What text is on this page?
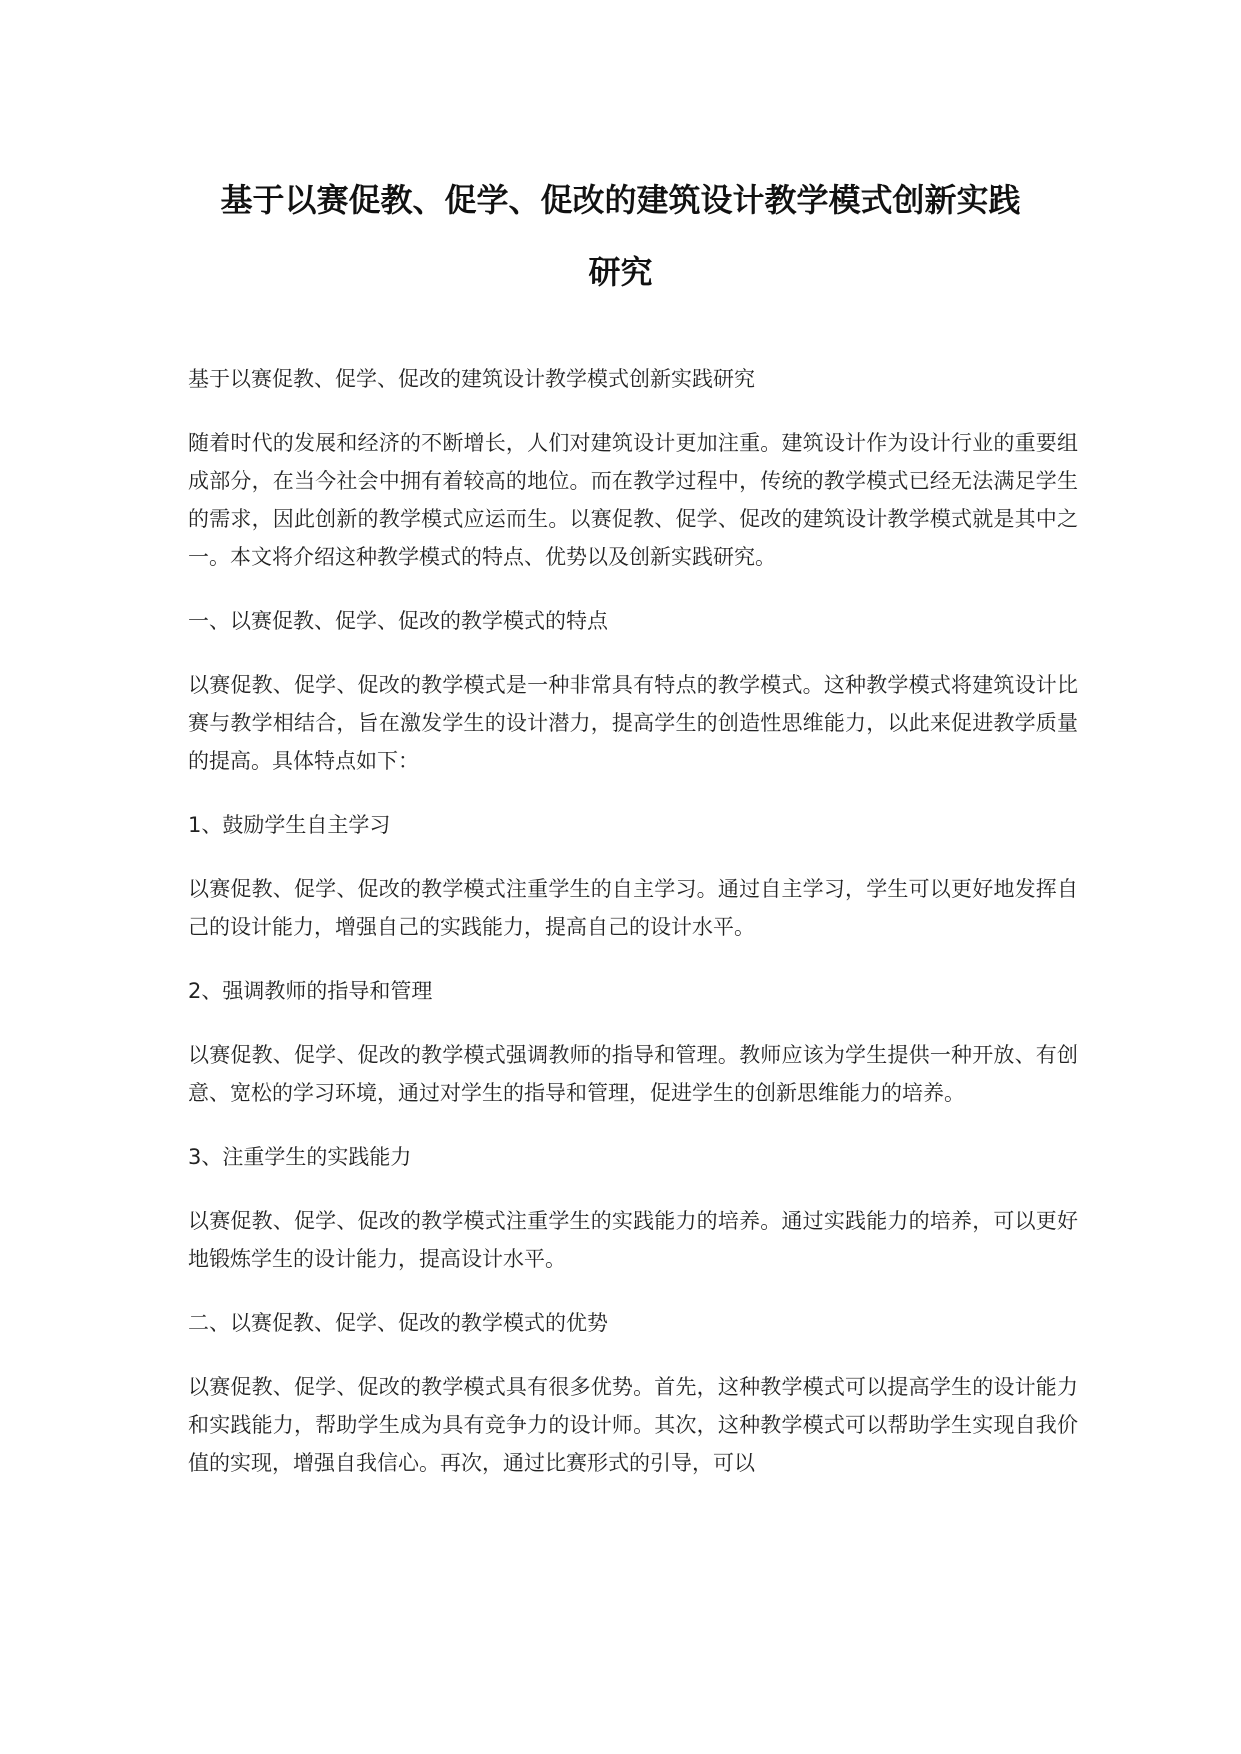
基于以赛促教、促学、促改的建筑设计教学模式创新实践
研究

基于以赛促教、促学、促改的建筑设计教学模式创新实践研究

随着时代的发展和经济的不断增长，人们对建筑设计更加注重。建筑设计作为设计行业的重要组成部分，在当今社会中拥有着较高的地位。而在教学过程中，传统的教学模式已经无法满足学生的需求，因此创新的教学模式应运而生。以赛促教、促学、促改的建筑设计教学模式就是其中之一。本文将介绍这种教学模式的特点、优势以及创新实践研究。

一、以赛促教、促学、促改的教学模式的特点

以赛促教、促学、促改的教学模式是一种非常具有特点的教学模式。这种教学模式将建筑设计比赛与教学相结合，旨在激发学生的设计潜力，提高学生的创造性思维能力，以此来促进教学质量的提高。具体特点如下：

1、鼓励学生自主学习

以赛促教、促学、促改的教学模式注重学生的自主学习。通过自主学习，学生可以更好地发挥自己的设计能力，增强自己的实践能力，提高自己的设计水平。

2、强调教师的指导和管理

以赛促教、促学、促改的教学模式强调教师的指导和管理。教师应该为学生提供一种开放、有创意、宽松的学习环境，通过对学生的指导和管理，促进学生的创新思维能力的培养。

3、注重学生的实践能力

以赛促教、促学、促改的教学模式注重学生的实践能力的培养。通过实践能力的培养，可以更好地锻炼学生的设计能力，提高设计水平。

二、以赛促教、促学、促改的教学模式的优势

以赛促教、促学、促改的教学模式具有很多优势。首先，这种教学模式可以提高学生的设计能力和实践能力，帮助学生成为具有竞争力的设计师。其次，这种教学模式可以帮助学生实现自我价值的实现，增强自我信心。再次，通过比赛形式的引导，可以
